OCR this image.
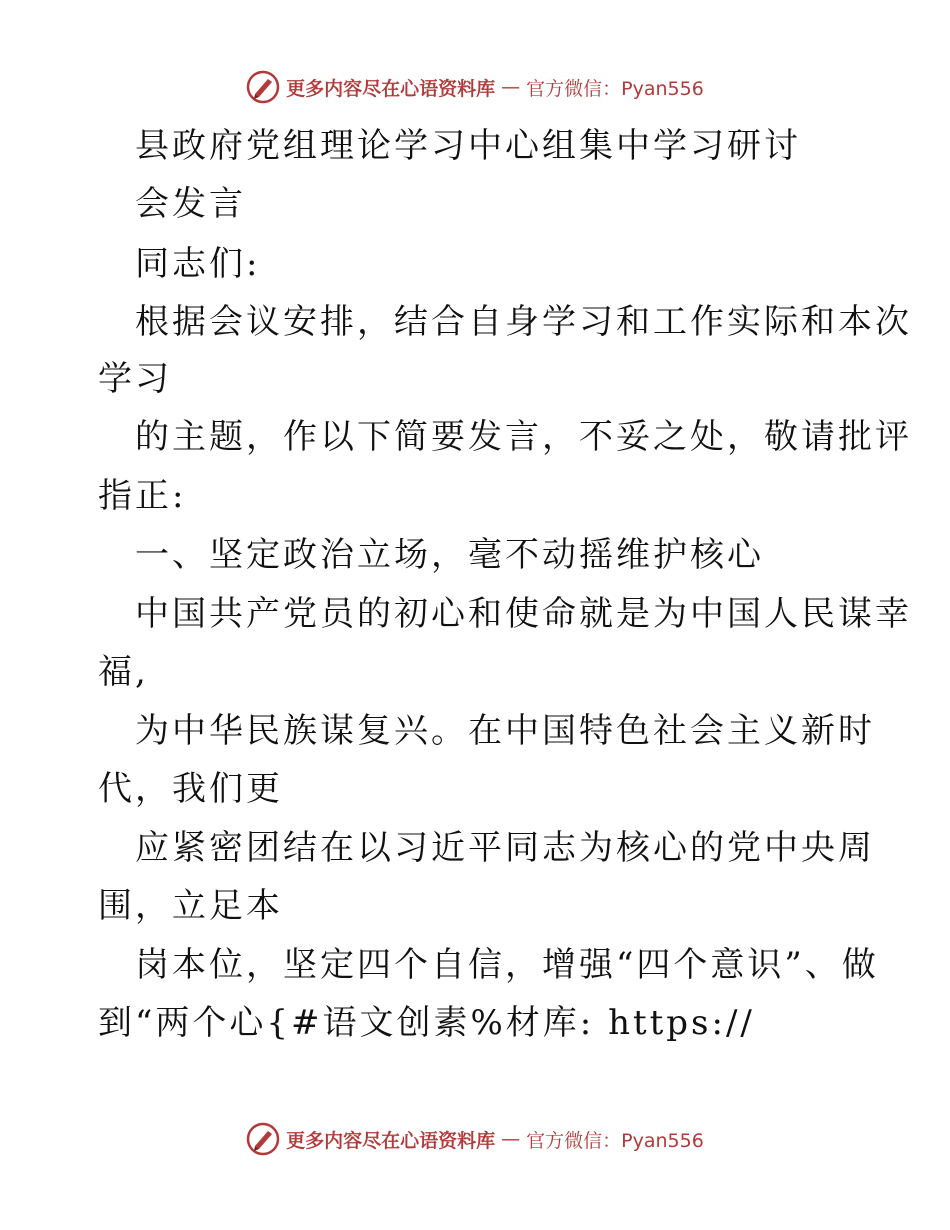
更多内容尽在心语资料库 — 官方微信：Pyan556
县政府党组理论学习中心组集中学习研讨
会发言
同志们:
根据会议安排，结合自身学习和工作实际和本次
学习
的主题，作以下简要发言，不妥之处，敬请批评
指正:
一、坚定政治立场，毫不动摇维护核心
中国共产党员的初心和使命就是为中国人民谋幸
福,
为中华民族谋复兴。在中国特色社会主义新时
代，我们更
应紧密团结在以习近平同志为核心的党中央周
围，立足本
岗本位，坚定四个自信，增强“四个意识”、做
到“两个心{#语文创素%材库: https://
更多内容尽在心语资料库 — 官方微信：Pyan556
